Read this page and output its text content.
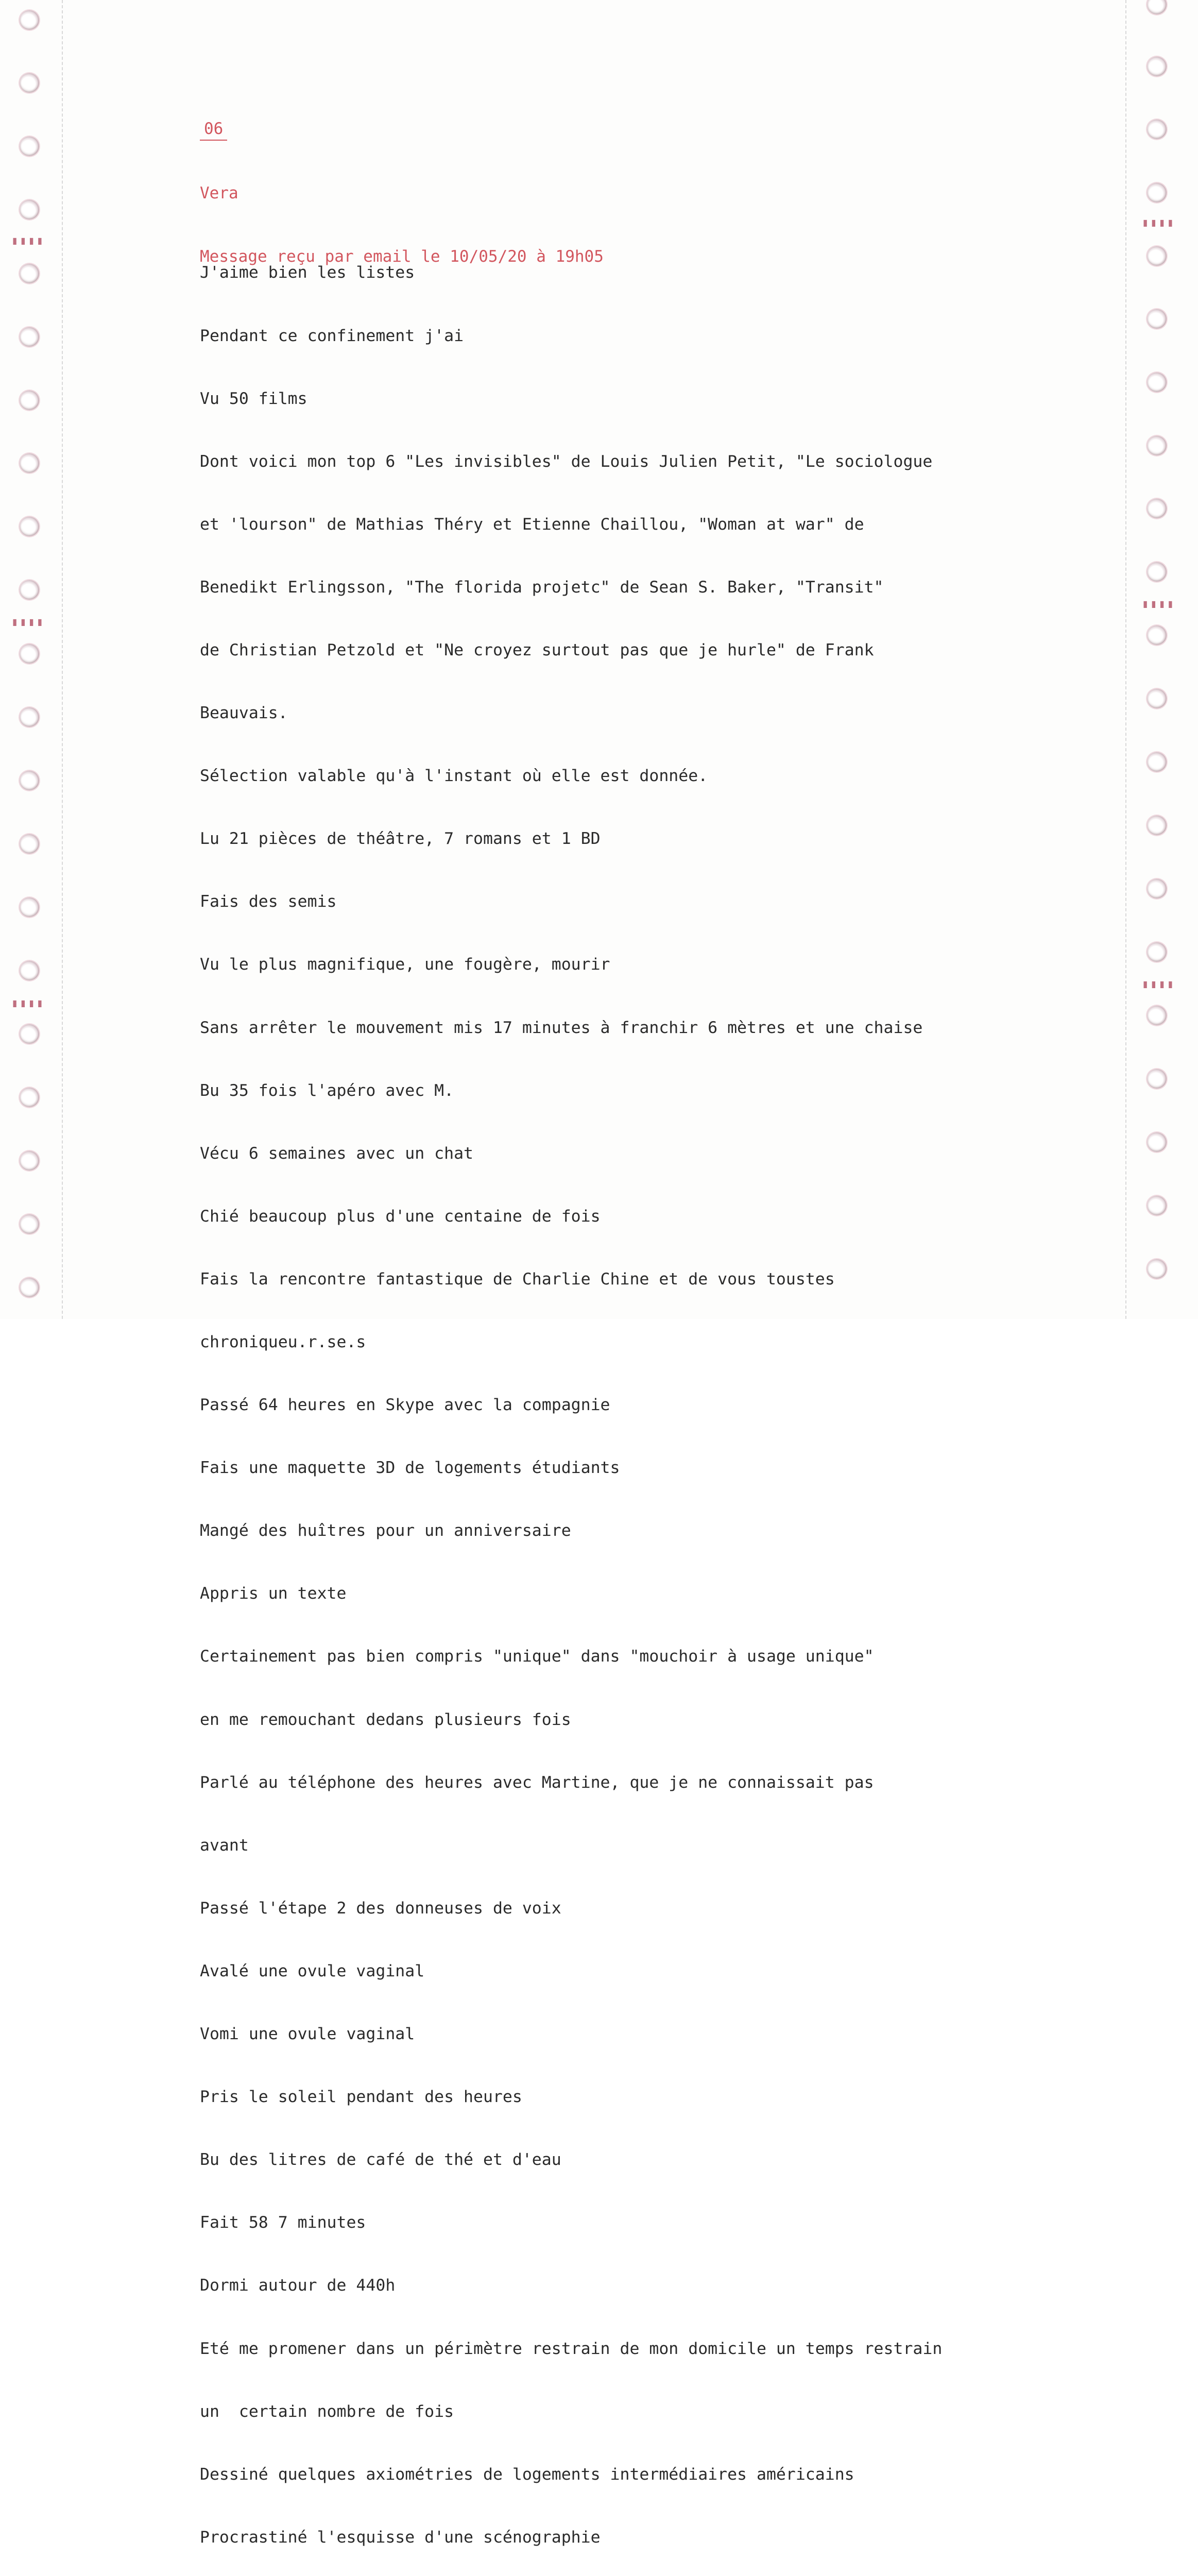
▮▮▮▮
▮▮▮▮
▮▮▮▮
▮▮▮▮
▮▮▮▮
▮▮▮▮

06

Vera

Message reçu par email le 10/05/20 à 19h05

J'aime bien les listes

Pendant ce confinement j'ai

Vu 50 films

Dont voici mon top 6 "Les invisibles" de Louis Julien Petit, "Le sociologue

et 'lourson" de Mathias Théry et Etienne Chaillou, "Woman at war" de

Benedikt Erlingsson, "The florida projetc" de Sean S. Baker, "Transit"

de Christian Petzold et "Ne croyez surtout pas que je hurle" de Frank

Beauvais.

Sélection valable qu'à l'instant où elle est donnée.

Lu 21 pièces de théâtre, 7 romans et 1 BD

Fais des semis

Vu le plus magnifique, une fougère, mourir

Sans arrêter le mouvement mis 17 minutes à franchir 6 mètres et une chaise

Bu 35 fois l'apéro avec M.

Vécu 6 semaines avec un chat

Chié beaucoup plus d'une centaine de fois

Fais la rencontre fantastique de Charlie Chine et de vous toustes

chroniqueu.r.se.s

Passé 64 heures en Skype avec la compagnie

Fais une maquette 3D de logements étudiants

Mangé des huîtres pour un anniversaire

Appris un texte

Certainement pas bien compris "unique" dans "mouchoir à usage unique"

en me remouchant dedans plusieurs fois

Parlé au téléphone des heures avec Martine, que je ne connaissait pas

avant

Passé l'étape 2 des donneuses de voix

Avalé une ovule vaginal

Vomi une ovule vaginal

Pris le soleil pendant des heures

Bu des litres de café de thé et d'eau

Fait 58 7 minutes

Dormi autour de 440h

Eté me promener dans un périmètre restrain de mon domicile un temps restrain

un  certain nombre de fois

Dessiné quelques axiométries de logements intermédiaires américains

Procrastiné l'esquisse d'une scénographie
